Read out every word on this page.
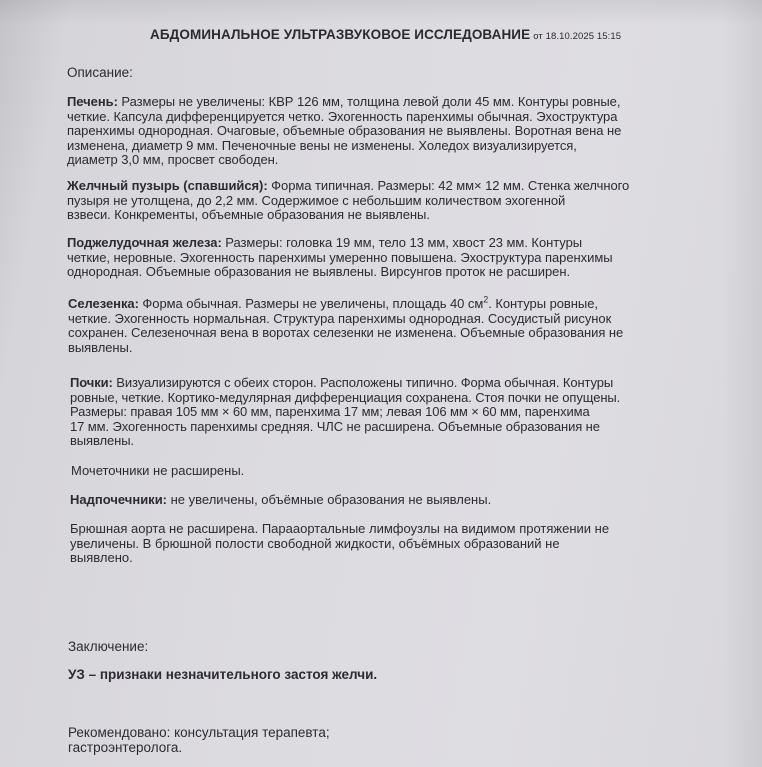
АБДОМИНАЛЬНОЕ УЛЬТРАЗВУКОВОЕ ИССЛЕДОВАНИЕ от 18.10.2025 15:15
Описание:
Печень: Размеры не увеличены: КВР 126 мм, толщина левой доли 45 мм. Контуры ровные,
четкие. Капсула дифференцируется четко. Эхогенность паренхимы обычная. Эхоструктура
паренхимы однородная. Очаговые, объемные образования не выявлены. Воротная вена не
изменена, диаметр 9 мм. Печеночные вены не изменены. Холедох визуализируется,
диаметр 3,0 мм, просвет свободен.
Желчный пузырь (спавшийся): Форма типичная. Размеры: 42 мм× 12 мм. Стенка желчного
пузыря не утолщена, до 2,2 мм. Содержимое с небольшим количеством эхогенной
взвеси. Конкременты, объемные образования не выявлены.
Поджелудочная железа: Размеры: головка 19 мм, тело 13 мм, хвост 23 мм. Контуры
четкие, неровные. Эхогенность паренхимы умеренно повышена. Эхоструктура паренхимы
однородная. Объемные образования не выявлены. Вирсунгов проток не расширен.
Селезенка: Форма обычная. Размеры не увеличены, площадь 40 $см^2$. Контуры ровные,
четкие. Эхогенность нормальная. Структура паренхимы однородная. Сосудистый рисунок
сохранен. Селезеночная вена в воротах селезенки не изменена. Объемные образования не
выявлены.
Почки: Визуализируются с обеих сторон. Расположены типично. Форма обычная. Контуры
ровные, четкие. Кортико-медулярная дифференциация сохранена. Стоя почки не опущены.
Размеры: правая 105 мм × 60 мм, паренхима 17 мм; левая 106 мм × 60 мм, паренхима
17 мм. Эхогенность паренхимы средняя. ЧЛС не расширена. Объемные образования не
выявлены.
Мочеточники не расширены.
Надпочечники: не увеличены, объёмные образования не выявлены.
Брюшная аорта не расширена. Парааортальные лимфоузлы на видимом протяжении не
увеличены. В брюшной полости свободной жидкости, объёмных образований не
выявлено.
Заключение:
УЗ – признаки незначительного застоя желчи.
Рекомендовано: консультация терапевта;
гастроэнтеролога.
